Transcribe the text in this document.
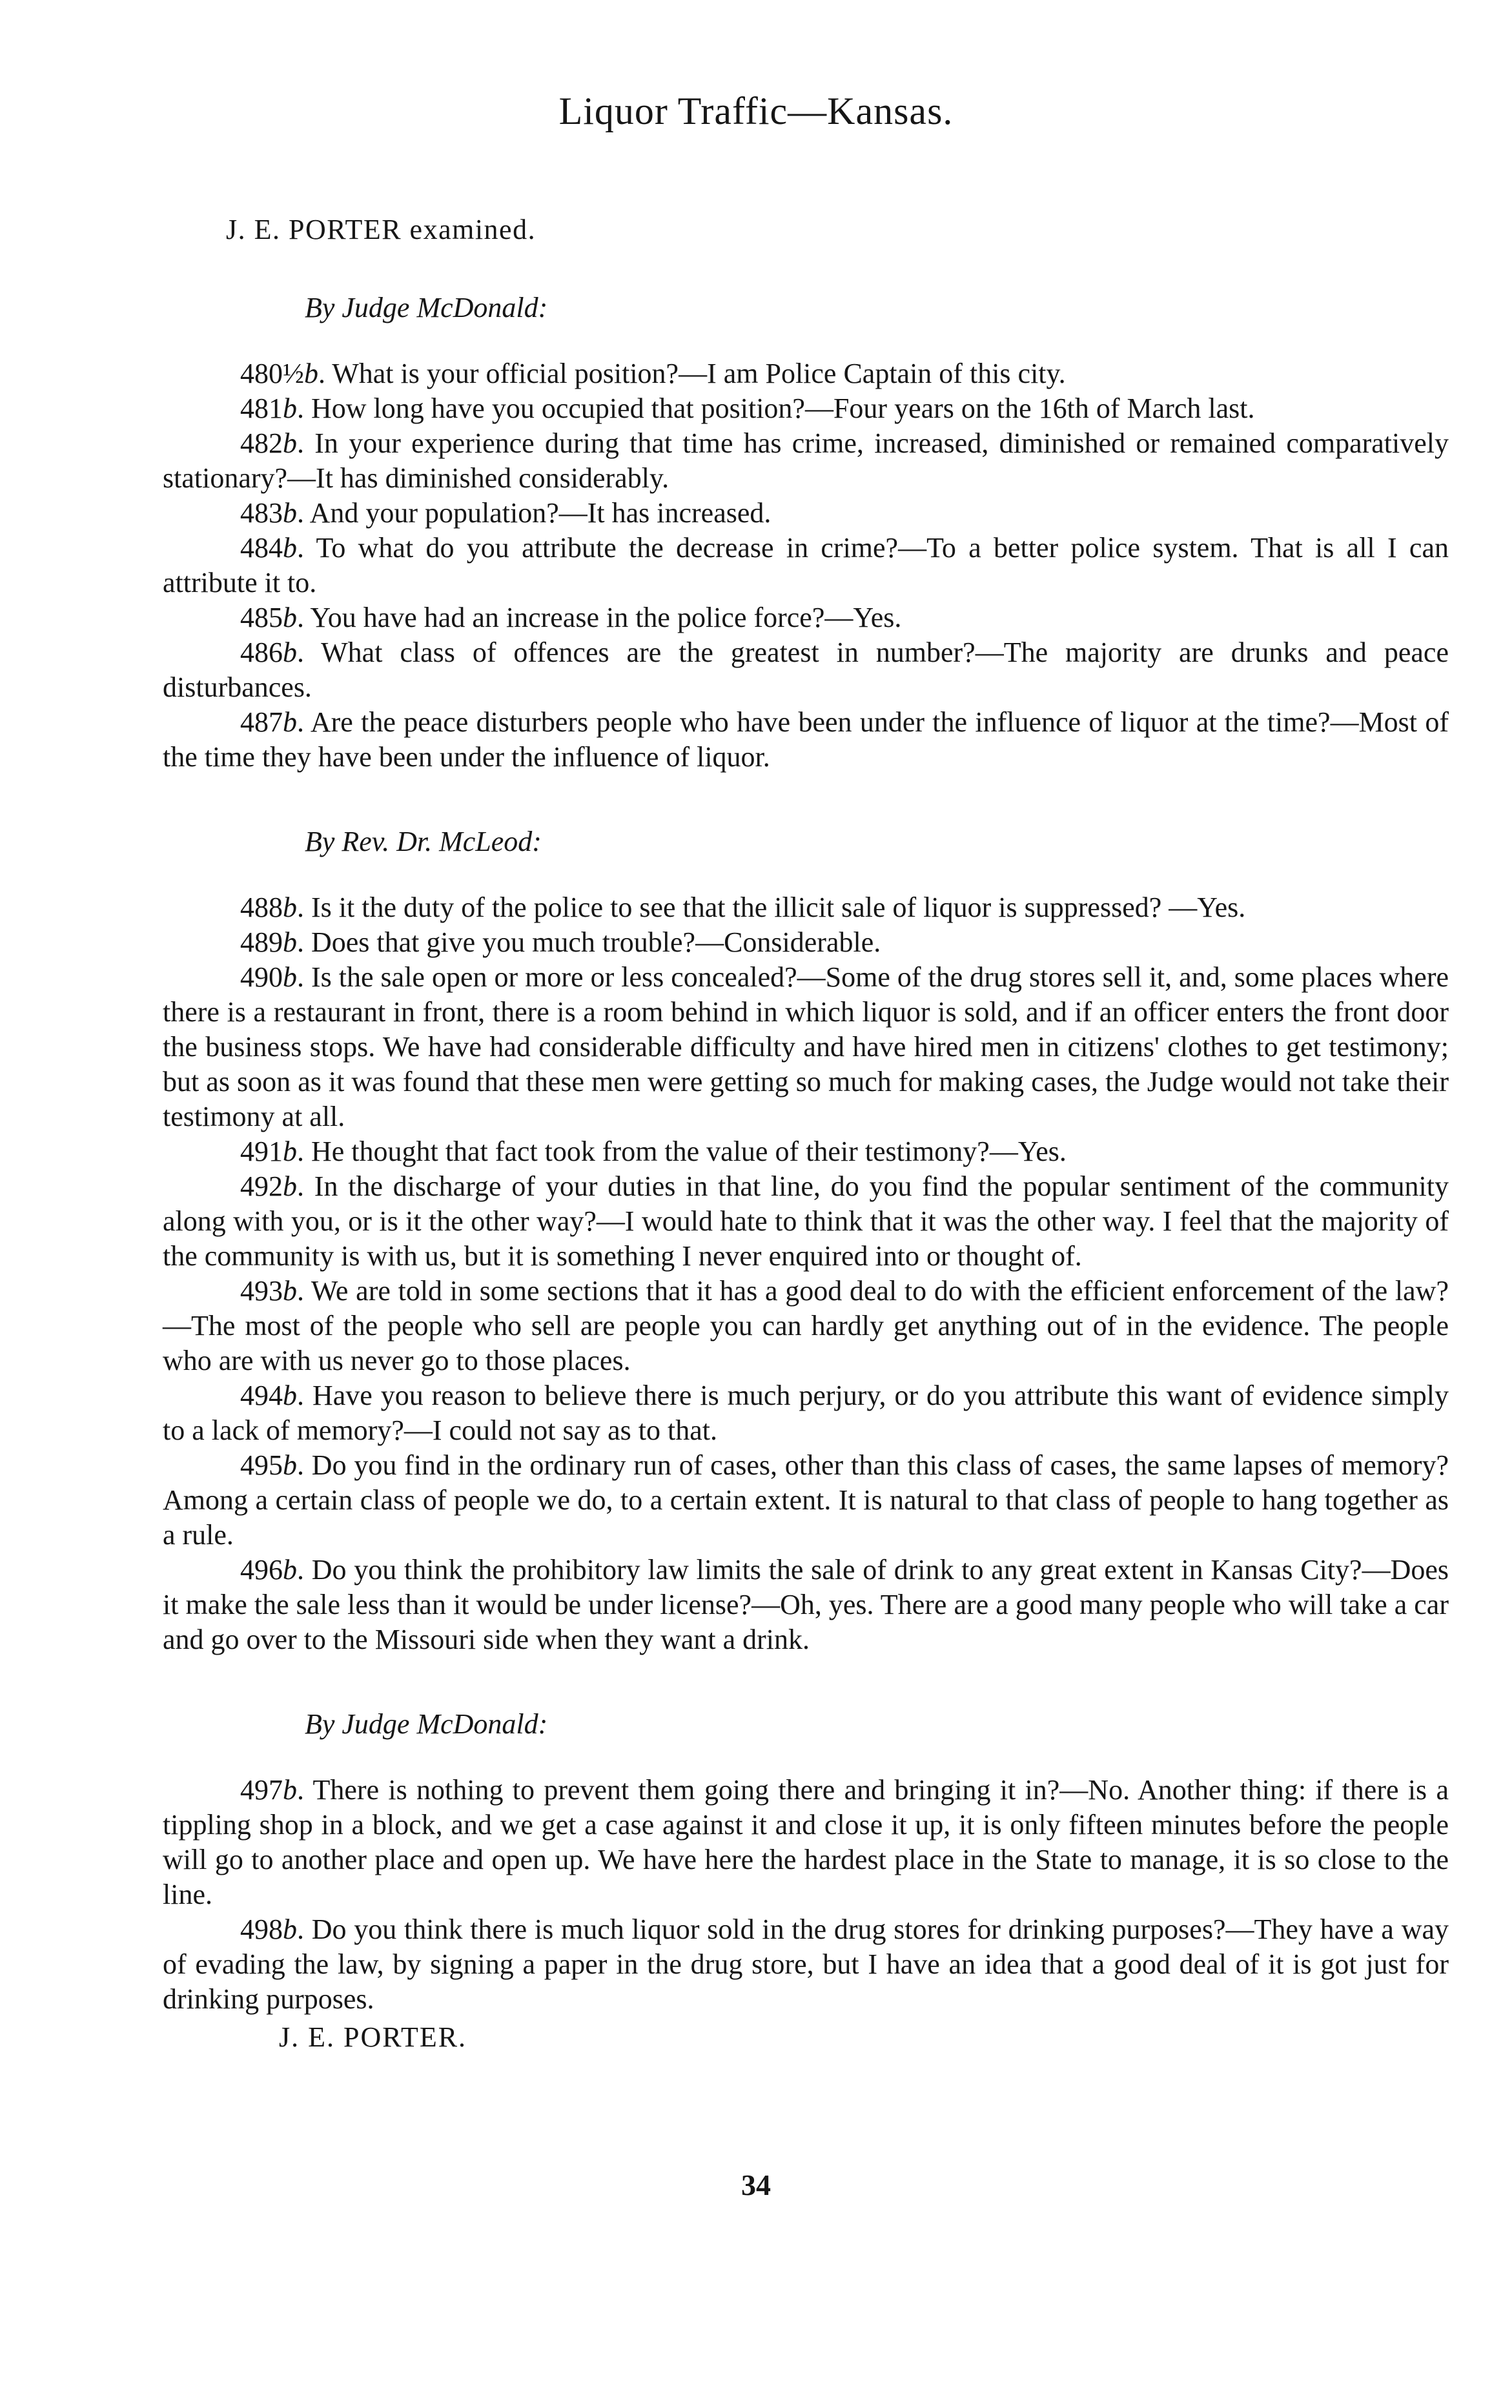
Liquor Traffic—Kansas.
J. E. PORTER examined.
By Judge McDonald:

480½b. What is your official position?—I am Police Captain of this city.

481b. How long have you occupied that position?—Four years on the 16th of March last.

482b. In your experience during that time has crime, increased, diminished or remained comparatively stationary?—It has diminished considerably.

483b. And your population?—It has increased.

484b. To what do you attribute the decrease in crime?—To a better police system. That is all I can attribute it to.

485b. You have had an increase in the police force?—Yes.

486b. What class of offences are the greatest in number?—The majority are drunks and peace disturbances.

487b. Are the peace disturbers people who have been under the influence of liquor at the time?—Most of the time they have been under the influence of liquor.

By Rev. Dr. McLeod:

488b. Is it the duty of the police to see that the illicit sale of liquor is suppressed? —Yes.

489b. Does that give you much trouble?—Considerable.

490b. Is the sale open or more or less concealed?—Some of the drug stores sell it, and, some places where there is a restaurant in front, there is a room behind in which liquor is sold, and if an officer enters the front door the business stops. We have had considerable difficulty and have hired men in citizens' clothes to get testimony; but as soon as it was found that these men were getting so much for making cases, the Judge would not take their testimony at all.

491b. He thought that fact took from the value of their testimony?—Yes.

492b. In the discharge of your duties in that line, do you find the popular sentiment of the community along with you, or is it the other way?—I would hate to think that it was the other way. I feel that the majority of the community is with us, but it is something I never enquired into or thought of.

493b. We are told in some sections that it has a good deal to do with the efficient enforcement of the law?—The most of the people who sell are people you can hardly get anything out of in the evidence. The people who are with us never go to those places.

494b. Have you reason to believe there is much perjury, or do you attribute this want of evidence simply to a lack of memory?—I could not say as to that.

495b. Do you find in the ordinary run of cases, other than this class of cases, the same lapses of memory? Among a certain class of people we do, to a certain extent. It is natural to that class of people to hang together as a rule.

496b. Do you think the prohibitory law limits the sale of drink to any great extent in Kansas City?—Does it make the sale less than it would be under license?—Oh, yes. There are a good many people who will take a car and go over to the Missouri side when they want a drink.

By Judge McDonald:

497b. There is nothing to prevent them going there and bringing it in?—No. Another thing: if there is a tippling shop in a block, and we get a case against it and close it up, it is only fifteen minutes before the people will go to another place and open up. We have here the hardest place in the State to manage, it is so close to the line.

498b. Do you think there is much liquor sold in the drug stores for drinking purposes?—They have a way of evading the law, by signing a paper in the drug store, but I have an idea that a good deal of it is got just for drinking purposes.

J. E. PORTER.
34
